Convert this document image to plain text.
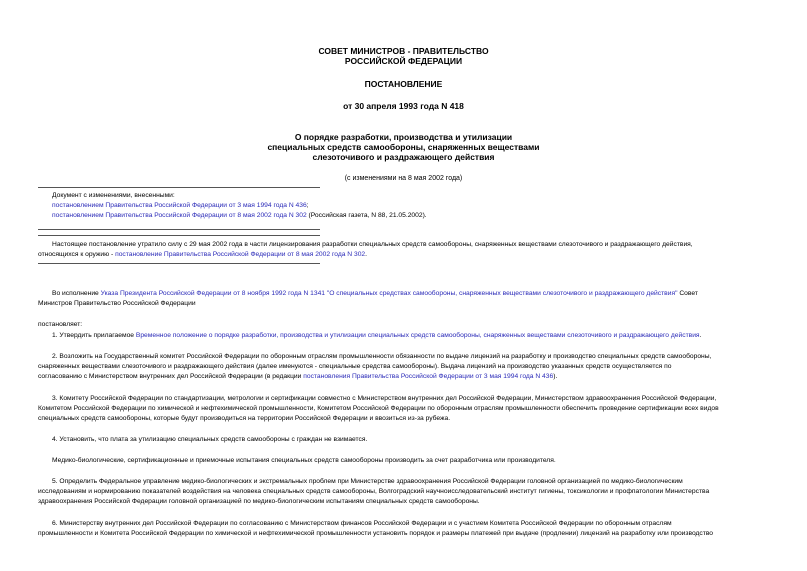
СОВЕТ МИНИСТРОВ - ПРАВИТЕЛЬСТВО
РОССИЙСКОЙ ФЕДЕРАЦИИ
ПОСТАНОВЛЕНИЕ
от 30 апреля 1993 года N 418
О порядке разработки, производства и утилизации
специальных средств самообороны, снаряженных веществами
слезоточивого и раздражающего действия
(с изменениями на 8 мая 2002 года)
Документ с изменениями, внесенными:
постановлением Правительства Российской Федерации от 3 мая 1994 года N 436;
постановлением Правительства Российской Федерации от 8 мая 2002 года N 302 (Российская газета, N 88, 21.05.2002).
Настоящее постановление утратило силу с 29 мая 2002 года в части лицензирования разработки специальных средств самообороны, снаряженных веществами слезоточивого и раздражающего действия,
относящихся к оружию - постановление Правительства Российской Федерации от 8 мая 2002 года N 302.
Во исполнение Указа Президента Российской Федерации от 8 ноября 1992 года N 1341 "О специальных средствах самообороны, снаряженных веществами слезоточивого и раздражающего действия" Совет
Министров Правительство Российской Федерации
постановляет:
1. Утвердить прилагаемое Временное положение о порядке разработки, производства и утилизации специальных средств самообороны, снаряженных веществами слезоточивого и раздражающего действия.
2. Возложить на Государственный комитет Российской Федерации по оборонным отраслям промышленности обязанности по выдаче лицензий на разработку и производство специальных средств самообороны,
снаряженных веществами слезоточивого и раздражающего действия (далее именуются - специальные средства самообороны). Выдача лицензий на производство указанных средств осуществляется по
согласованию с Министерством внутренних дел Российской Федерации (в редакции постановления Правительства Российской Федерации от 3 мая 1994 года N 436).
3. Комитету Российской Федерации по стандартизации, метрологии и сертификации совместно с Министерством внутренних дел Российской Федерации, Министерством здравоохранения Российской Федерации,
Комитетом Российской Федерации по химической и нефтехимической промышленности, Комитетом Российской Федерации по оборонным отраслям промышленности обеспечить проведение сертификации всех видов
специальных средств самообороны, которые будут производиться на территории Российской Федерации и ввозиться из-за рубежа.
4. Установить, что плата за утилизацию специальных средств самообороны с граждан не взимается.
Медико-биологические, сертификационные и приемочные испытания специальных средств самообороны производить за счет разработчика или производителя.
5. Определить Федеральное управление медико-биологических и экстремальных проблем при Министерстве здравоохранения Российской Федерации головной организацией по медико-биологическим
исследованиям и нормированию показателей воздействия на человека специальных средств самообороны, Волгоградский научноисследовательский институт гигиены, токсикологии и профпатологии Министерства
здравоохранения Российской Федерации головной организацией по медико-биологическим испытаниям специальных средств самообороны.
6. Министерству внутренних дел Российской Федерации по согласованию с Министерством финансов Российской Федерации и с участием Комитета Российской Федерации по оборонным отраслям
промышленности и Комитета Российской Федерации по химической и нефтехимической промышленности установить порядок и размеры платежей при выдаче (продлении) лицензий на разработку или производство
